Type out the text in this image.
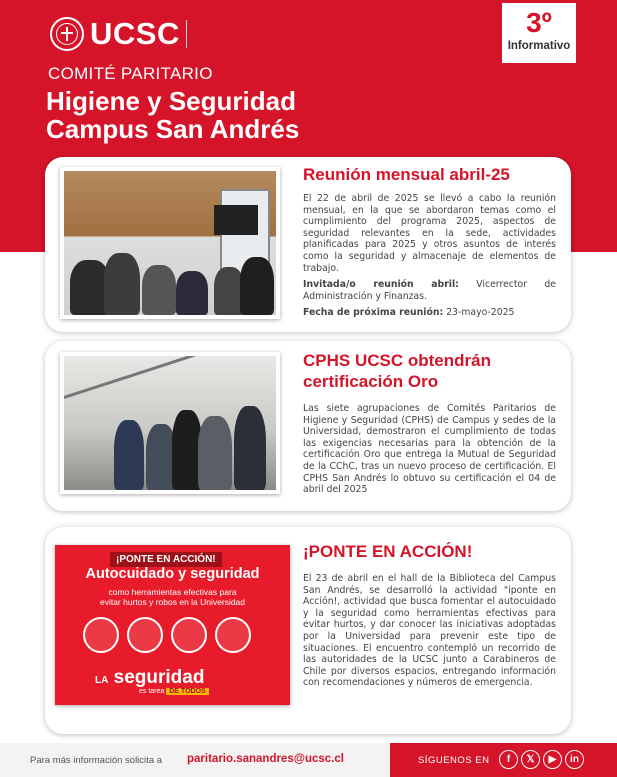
UCSC	3º
Informativo
COMITÉ PARITARIO
Higiene y Seguridad
Campus San Andrés
Reunión mensual abril-25
El 22 de abril de 2025 se llevó a cabo la reunión mensual, en la que se abordaron temas como el cumplimiento del programa 2025, aspectos de seguridad relevantes en la sede, actividades planificadas para 2025 y otros asuntos de interés como la seguridad y almacenaje de elementos de trabajo.
Invitada/o reunión abril: Vicerrector de Administración y Finanzas.
Fecha de próxima reunión: 23-mayo-2025
CPHS UCSC obtendrán certificación Oro
Las siete agrupaciones de Comités Paritarios de Higiene y Seguridad (CPHS) de Campus y sedes de la Universidad, demostraron el cumplimiento de todas las exigencias necesarias para la obtención de la certificación Oro que entrega la Mutual de Seguridad de la CChC, tras un nuevo proceso de certificación. El CPHS San Andrés lo obtuvo su certificación el 04 de abril del 2025
¡PONTE EN ACCIÓN!
Autocuidado y seguridad
como herramientas efectivas para
evitar hurtos y robos en la Universidad
LA seguridad
es tarea DE TODOS
¡PONTE EN ACCIÓN!
El 23 de abril en el hall de la Biblioteca del Campus San Andrés, se desarrolló la actividad "iponte en Acción!, actividad que busca fomentar el autocuidado y la seguridad como herramientas efectivas para evitar hurtos, y dar conocer las iniciativas adoptadas por la Universidad para prevenir este tipo de situaciones. El encuentro contempló un recorrido de las autoridades de la UCSC junto a Carabineros de Chile por diversos espacios, entregando información con recomendaciones y números de emergencia.
Para más información solicita a paritario.sanandres@ucsc.cl	SÍGUENOS EN	f	𝕏	▶	in
